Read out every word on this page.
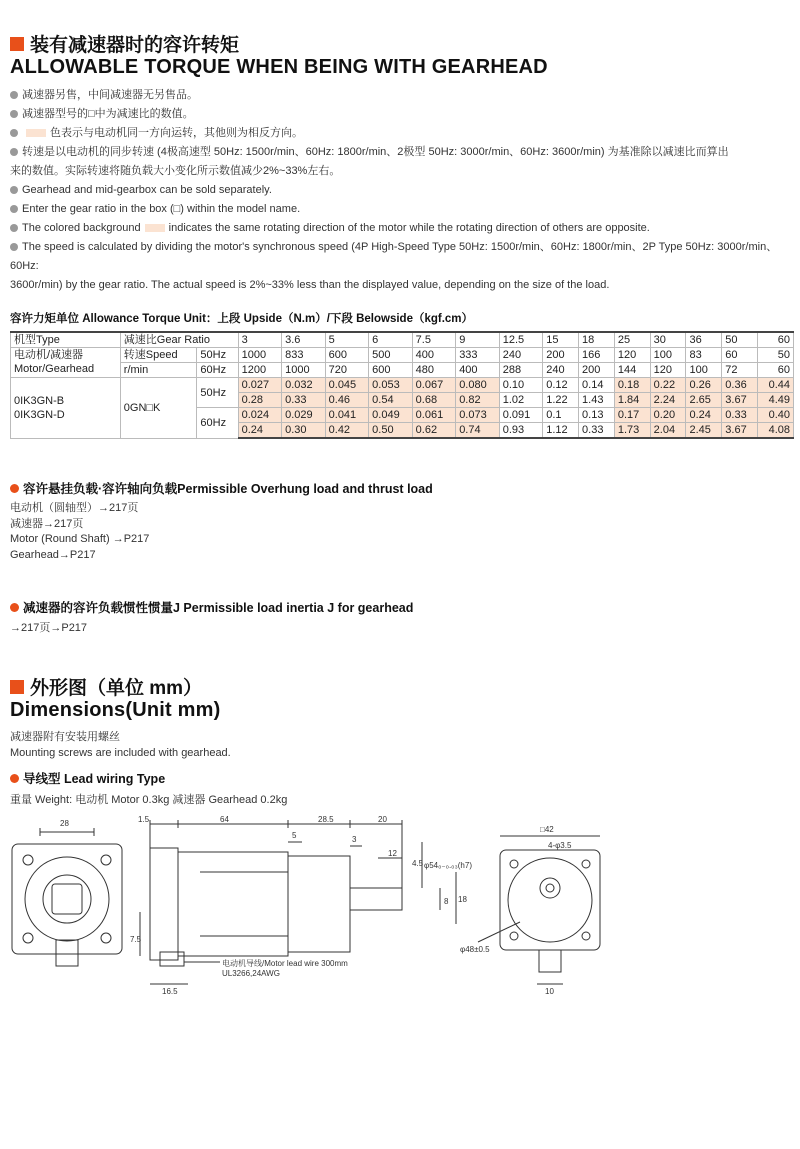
装有减速器时的容许转矩
ALLOWABLE TORQUE WHEN BEING WITH GEARHEAD

减速器另售，中间减速器无另售品。

减速器型号的□中为减速比的数值。

色表示与电动机同一方向运转，其他则为相反方向。

转速是以电动机的同步转速 (4极高速型 50Hz: 1500r/min、60Hz: 1800r/min、2极型 50Hz: 3000r/min、60Hz: 3600r/min) 为基准除以减速比而算出

来的数值。实际转速将随负载大小变化所示数值减少2%~33%左右。

Gearhead and mid-gearbox can be sold separately.

Enter the gear ratio in the box (□) within the model name.

The colored background	indicates the same rotating direction of the motor while the rotating direction of others are opposite.

The speed is calculated by dividing the motor's synchronous speed (4P High-Speed Type 50Hz: 1500r/min、60Hz: 1800r/min、2P Type 50Hz: 3000r/min、60Hz:

3600r/min) by the gear ratio. The actual speed is 2%~33% less than the displayed value, depending on the size of the load.

容许力矩单位 Allowance Torque Unit：上段 Upside（N.m）/下段 Belowside（kgf.cm）
机型Type	减速比Gear Ratio		3	3.6	5	6	7.5	9	12.5	15	18	25	30	36	50	60

电动机/减速器
Motor/Gearhead	转速Speed	50Hz	1000	833	600	500	400	333	240	200	166	120	100	83	60	50
	r/min	60Hz	1200	1000	720	600	480	400	288	240	200	144	120	100	72	60

0IK3GN-B
0IK3GN-D	0GN□K	50Hz	0.027	0.032	0.045	0.053	0.067	0.080	0.10	0.12	0.14	0.18	0.22	0.26	0.36	0.44
			0.28	0.33	0.46	0.54	0.68	0.82	1.02	1.22	1.43	1.84	2.24	2.65	3.67	4.49
		60Hz	0.024	0.029	0.041	0.049	0.061	0.073	0.091	0.1	0.13	0.17	0.20	0.24	0.33	0.40
			0.24	0.30	0.42	0.50	0.62	0.74	0.93	1.12	0.33	1.73	2.04	2.45	3.67	4.08
容许悬挂负载·容许轴向负载Permissible Overhung load and thrust load
电动机（圆轴型）→217页
减速器→217页
Motor (Round Shaft) →P217
Gearhead→P217
减速器的容许负载惯性惯量J Permissible load inertia J for gearhead
→217页→P217
外形图（单位 mm）
Dimensions(Unit mm)
减速器附有安装用螺丝
Mounting screws are included with gearhead.
导线型 Lead wiring Type
重量 Weight: 电动机 Motor 0.3kg 减速器 Gearhead 0.2kg
28	1.5	64	28.5	20
5	3
12
4.5 φ54₀₋₀.₀₃(h7)
8 18
7.5
16.5
电动机导线/Motor lead wire 300mm
UL3266,24AWG
□42
4-φ3.5
φ48±0.5
10
